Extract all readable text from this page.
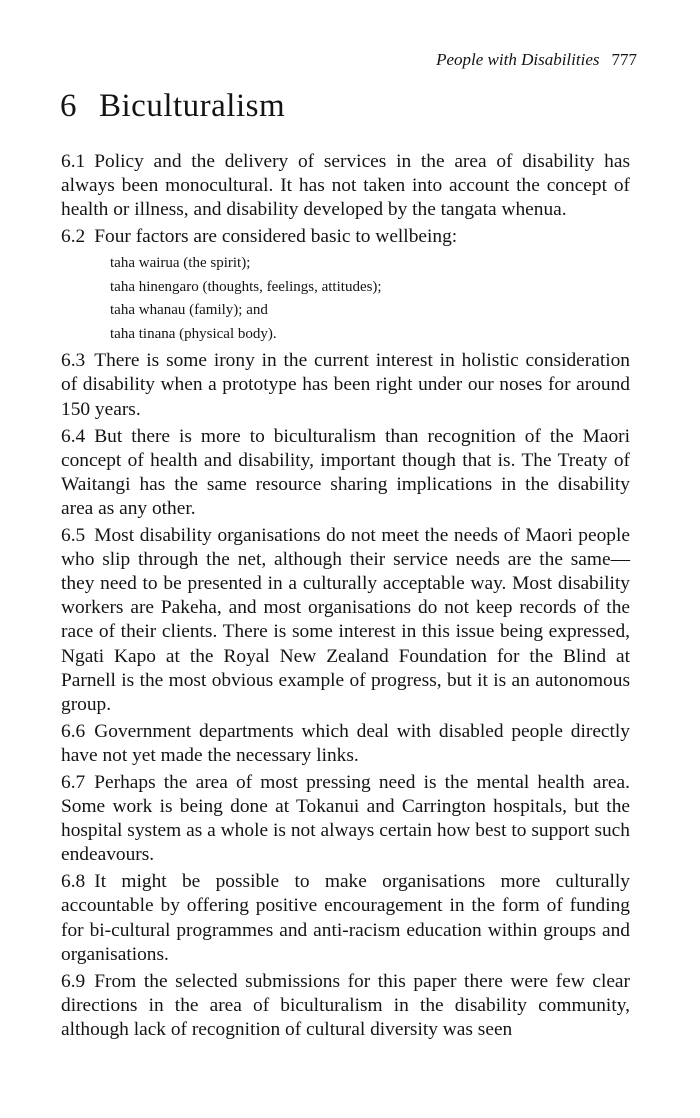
People with Disabilities 777
6 Biculturalism

6.1 Policy and the delivery of services in the area of disability has always been monocultural. It has not taken into account the concept of health or illness, and disability developed by the tangata whenua.

6.2 Four factors are considered basic to wellbeing:

taha wairua (the spirit);
taha hinengaro (thoughts, feelings, attitudes);
taha whanau (family); and
taha tinana (physical body).

6.3 There is some irony in the current interest in holistic consideration of disability when a prototype has been right under our noses for around 150 years.

6.4 But there is more to biculturalism than recognition of the Maori concept of health and disability, important though that is. The Treaty of Waitangi has the same resource sharing implications in the disability area as any other.

6.5 Most disability organisations do not meet the needs of Maori people who slip through the net, although their service needs are the same—they need to be presented in a culturally acceptable way. Most disability workers are Pakeha, and most organisations do not keep records of the race of their clients. There is some interest in this issue being expressed, Ngati Kapo at the Royal New Zealand Foundation for the Blind at Parnell is the most obvious example of progress, but it is an autonomous group.

6.6 Government departments which deal with disabled people directly have not yet made the necessary links.

6.7 Perhaps the area of most pressing need is the mental health area. Some work is being done at Tokanui and Carrington hospitals, but the hospital system as a whole is not always certain how best to support such endeavours.

6.8 It might be possible to make organisations more culturally accountable by offering positive encouragement in the form of funding for bi-cultural programmes and anti-racism education within groups and organisations.

6.9 From the selected submissions for this paper there were few clear directions in the area of biculturalism in the disability community, although lack of recognition of cultural diversity was seen
